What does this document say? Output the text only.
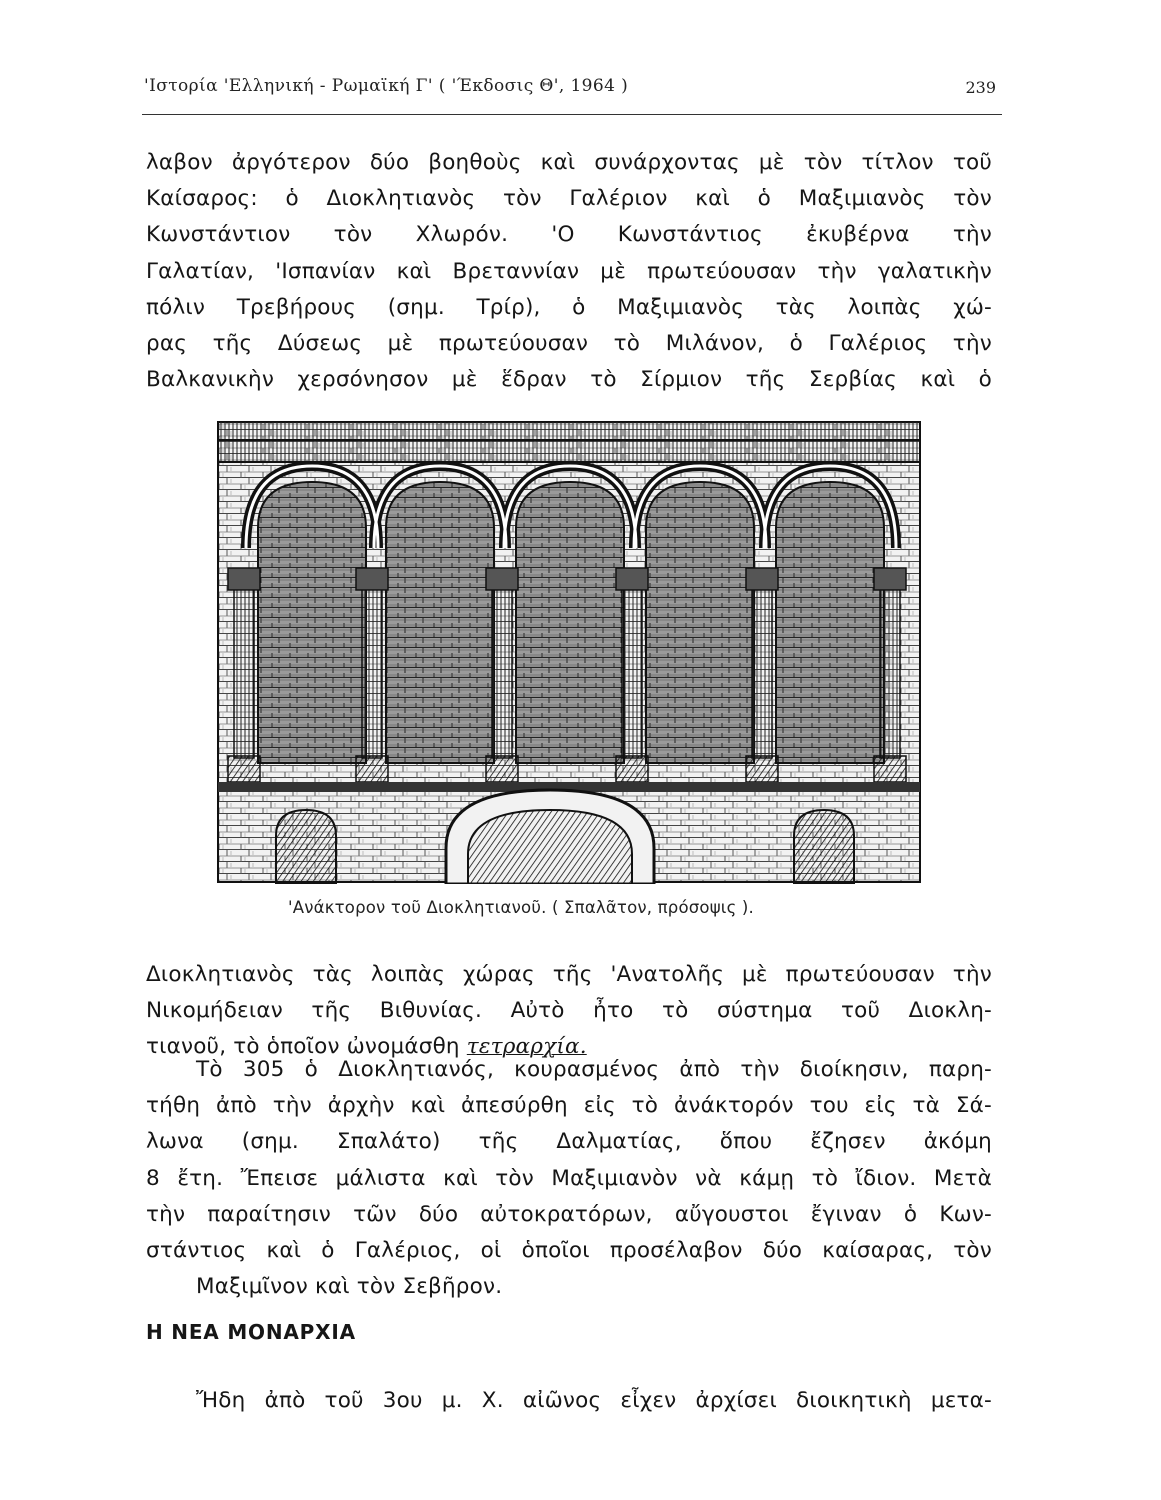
'Ιστορία 'Ελληνική - Ρωμαϊκή Γ' ( 'Έκδοσις Θ', 1964 )	239

λαβον ἀργότερον δύο βοηθοὺς καὶ συνάρχοντας μὲ τὸν τίτλον τοῦ
Καίσαρος: ὁ Διοκλητιανὸς τὸν Γαλέριον καὶ ὁ Μαξιμιανὸς τὸν
Κωνστάντιον τὸν Χλωρόν. 'Ο Κωνστάντιος ἐκυβέρνα τὴν
Γαλατίαν, 'Ισπανίαν καὶ Βρεταννίαν μὲ πρωτεύουσαν τὴν γαλατικὴν
πόλιν Τρεβήρους (σημ. Τρίρ), ὁ Μαξιμιανὸς τὰς λοιπὰς χώ-
ρας τῆς Δύσεως μὲ πρωτεύουσαν τὸ Μιλάνον, ὁ Γαλέριος τὴν
Βαλκανικὴν χερσόνησον μὲ ἕδραν τὸ Σίρμιον τῆς Σερβίας καὶ ὁ

'Ανάκτορον τοῦ Διοκλητιανοῦ. ( Σπαλᾶτον, πρόσοψις ).

Διοκλητιανὸς τὰς λοιπὰς χώρας τῆς 'Ανατολῆς μὲ πρωτεύουσαν τὴν
Νικομήδειαν τῆς Βιθυνίας. Αὐτὸ ἦτο τὸ σύστημα τοῦ Διοκλη-
τιανοῦ, τὸ ὁποῖον ὠνομάσθη τετραρχία.

Τὸ 305 ὁ Διοκλητιανός, κουρασμένος ἀπὸ τὴν διοίκησιν, παρη-
τήθη ἀπὸ τὴν ἀρχὴν καὶ ἀπεσύρθη εἰς τὸ ἀνάκτορόν του εἰς τὰ Σά-
λωνα (σημ. Σπαλάτο) τῆς Δαλματίας, ὅπου ἔζησεν ἀκόμη
8 ἔτη. Ἔπεισε μάλιστα καὶ τὸν Μαξιμιανὸν νὰ κάμῃ τὸ ἴδιον. Μετὰ
τὴν παραίτησιν τῶν δύο αὐτοκρατόρων, αὔγουστοι ἔγιναν ὁ Κων-
στάντιος καὶ ὁ Γαλέριος, οἱ ὁποῖοι προσέλαβον δύο καίσαρας, τὸν
Μαξιμῖνον καὶ τὸν Σεβῆρον.

Η ΝΕΑ ΜΟΝΑΡΧΙΑ

Ἤδη ἀπὸ τοῦ 3ου μ. Χ. αἰῶνος εἶχεν ἀρχίσει διοικητικὴ μετα-
